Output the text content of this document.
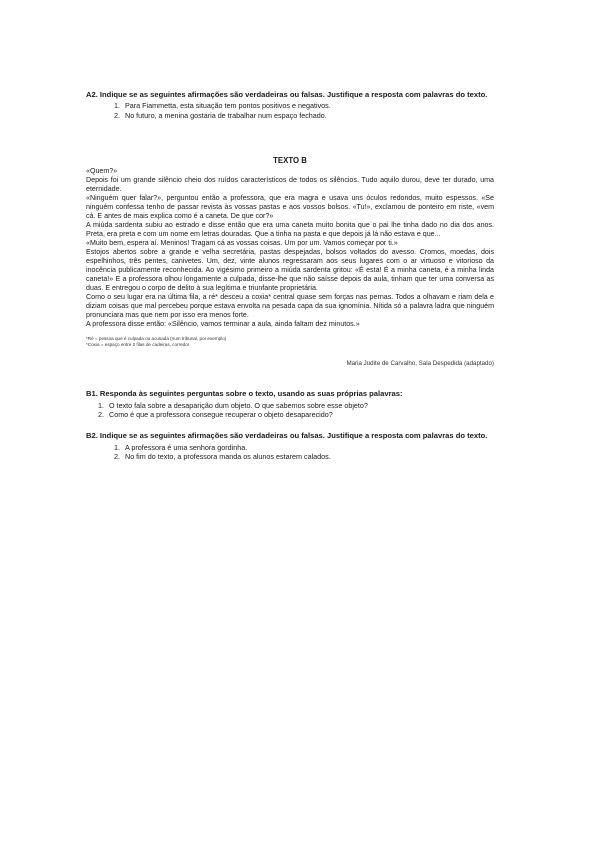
A2. Indique se as seguintes afirmações são verdadeiras ou falsas. Justifique a resposta com palavras do texto.
1. Para Fiammetta, esta situação tem pontos positivos e negativos.
2. No futuro, a menina gostaria de trabalhar num espaço fechado.
TEXTO B

«Quem?»

Depois foi um grande silêncio cheio dos ruídos característicos de todos os silêncios. Tudo aquilo durou, deve ter durado, uma eternidade.

«Ninguém quer falar?», perguntou então a professora, que era magra e usava uns óculos redondos, muito espessos. «Se ninguém confessa tenho de passar revista às vossas pastas e aos vossos bolsos. «Tu!», exclamou de ponteiro em riste, «vem cá. E antes de mais explica como é a caneta. De que cor?»

A miúda sardenta subiu ao estrado e disse então que era uma caneta muito bonita que o pai lhe tinha dado no dia dos anos. Preta, era preta e com um nome em letras douradas. Que a tinha na pasta e que depois já lá não estava e que...

«Muito bem, espera aí. Meninos! Tragam cá as vossas coisas. Um por um. Vamos começar por ti.»

Estojos abertos sobre a grande e velha secretária, pastas despejadas, bolsos voltados do avesso. Cromos, moedas, dois espelhinhos, três pentes, canivetes. Um, dez, vinte alunos regressaram aos seus lugares com o ar virtuoso e vitorioso da inocência publicamente reconhecida. Ao vigésimo primeiro a miúda sardenta gritou: «É esta! É a minha caneta, é a minha linda caneta!» E a professora olhou longamente a culpada, disse-lhe que não saísse depois da aula, tinham que ter uma conversa as duas. E entregou o corpo de delito à sua legítima e triunfante proprietária.

Como o seu lugar era na última fila, a ré* desceu a coxia* central quase sem forças nas pernas. Todos a olhavam e riam dela e diziam coisas que mal percebeu porque estava envolta na pesada capa da sua ignomínia. Nítida só a palavra ladra que ninguém pronunciara mas que nem por isso era menos forte.

A professora disse então: «Silêncio, vamos terminar a aula, ainda faltam dez minutos.»

*Ré = pessoa que é culpada ou acusada (num tribunal, por exemplo)
*Coxia = espaço entre 2 filas de cadeiras, corredor
Maria Judite de Carvalho, Sala Despedida (adaptado)
B1. Responda às seguintes perguntas sobre o texto, usando as suas próprias palavras:
1. O texto fala sobre a desaparição dum objeto. O que sabemos sobre esse objeto?
2. Como é que a professora consegue recuperar o objeto desaparecido?
B2. Indique se as seguintes afirmações são verdadeiras ou falsas. Justifique a resposta com palavras do texto.
1. A professora é uma senhora gordinha.
2. No fim do texto, a professora manda os alunos estarem calados.
